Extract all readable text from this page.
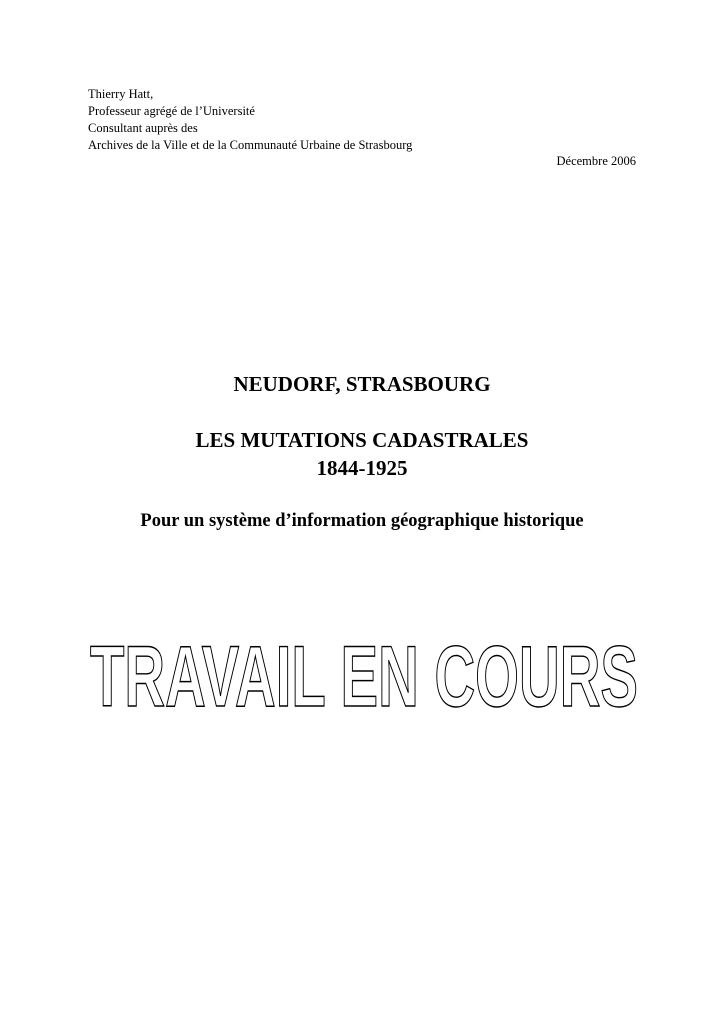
Thierry Hatt,
Professeur agrégé de l’Université
Consultant auprès des
Archives de la Ville et de la Communauté Urbaine de Strasbourg
Décembre 2006
NEUDORF, STRASBOURG
LES MUTATIONS CADASTRALES
1844-1925
Pour un système d’information géographique historique
TRAVAIL EN COURS
